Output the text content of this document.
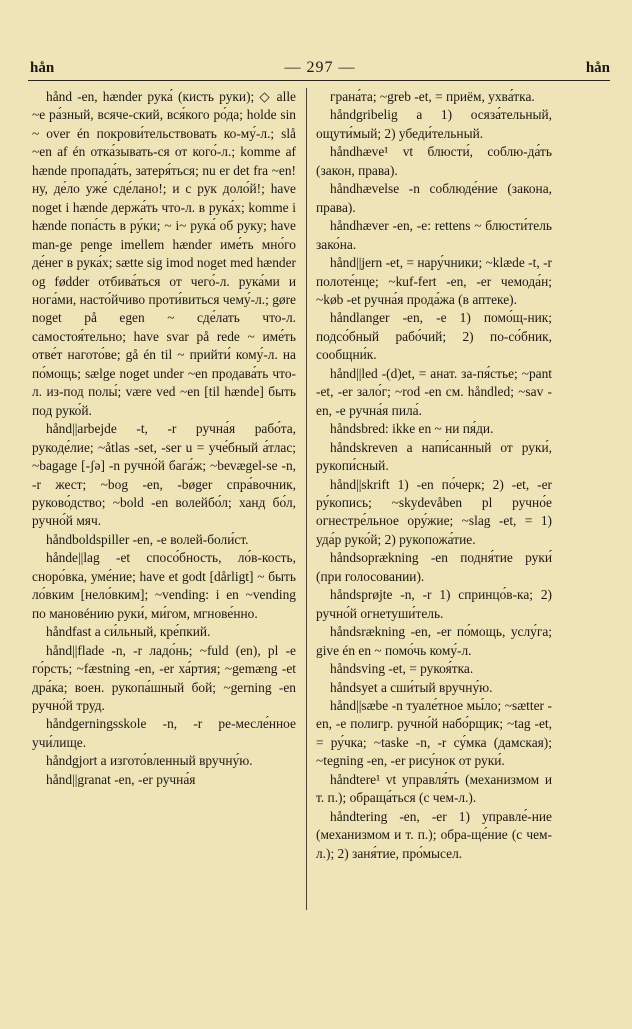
hån	— 297 —	hån

hånd -en, hænder рука́ (кисть руки); ◇ alle ~e ра́зный, всяче-ский, вся́кого ро́да; holde sin ~ over én покрови́тельствовать ко-му́-л.; slå ~en af én отка́зывать-ся от кого́-л.; komme af hænde пропада́ть, затеря́ться; nu er det fra ~en! ну, де́ло уже́ сде́лано!; и с рук доло́й!; have noget i hænde держа́ть что-л. в рука́х; komme i hænde попа́сть в ру́ки; ~ i~ рука́ об руку; have man-ge penge imellem hænder име́ть мно́го де́нег в рука́х; sætte sig imod noget med hænder og fødder отбива́ться от чего́-л. рука́ми и нога́ми, насто́йчиво проти́виться чему́-л.; gøre noget på egen ~ сде́лать что-л. самостоя́тельно; have svar på rede ~ име́ть отве́т нагото́ве; gå én til ~ прийти́ кому́-л. на по́мощь; sælge noget under ~en продава́ть что-л. из-под полы́; være ved ~en [til hænde] быть под руко́й.

hånd||arbejde -t, -r ручна́я рабо́та, рукоде́лие; ~åtlas -set, -ser u = уче́бный а́тлас; ~bagage [-ʃə] -n ручно́й бага́ж; ~bevægel-se -n, -r жест; ~bog -en, -bøger спра́вочник, руково́дство; ~bold -en волейбо́л; ханд бо́л, ручно́й мяч.

håndboldspiller -en, -e волей-боли́ст.

hånde||lag -et спосо́бность, ло́в-кость, снoро́вка, уме́ние; have et godt [dårligt] ~ быть ло́вким [нело́вким]; ~vending: i en ~vending по мановéнию руки́, ми́гом, мгнове́нно.

håndfast a си́льный, кре́пкий.

hånd||flade -n, -r ладо́нь; ~fuld (en), pl -e го́рсть; ~fæstning -en, -er ха́ртия; ~gemæng -et дра́ка; воен. рукопа́шный бой; ~gerning -en ручно́й труд.

håndgerningsskole -n, -r ре-месле́нное учи́лище.

håndgjort a изгото́вленный вручну́ю.

hånd||granat -en, -er ручна́я

грана́та; ~greb -et, = приём, ухва́тка.

håndgribelig a 1) осяза́тельный, ощути́мый; 2) убеди́тельный.

håndhæve¹ vt блюсти́, соблю-да́ть (закон, права).

håndhævelse -n соблюде́ние (закона, права).

håndhæver -en, -e: rettens ~ блюсти́тель зако́на.

hånd||jern -et, = нару́чники; ~klæde -t, -r полоте́нце; ~kuf-fert -en, -er чемода́н; ~køb -et ручна́я прода́жа (в аптеке).

håndlanger -en, -e 1) помо́щ-ник; подсо́бный рабо́чий; 2) по-со́бник, сообщни́к.

hånd||led -(d)et, = анат. за-пя́стье; ~pant -et, -er зало́г; ~rod -en см. håndled; ~sav -en, -e ручна́я пила́.

håndsbred: ikke en ~ ни пя́ди.

håndskreven a напи́санный от руки́, рукопи́сный.

hånd||skrift 1) -en по́черк; 2) -et, -er ру́копись; ~skydevåben pl ручно́е огнестре́льное ору́жие; ~slag -et, = 1) уда́р руко́й; 2) рукопожа́тие.

håndsoprækning -en подня́тие руки́ (при голосовании).

håndsprøjte -n, -r 1) спринцо́в-ка; 2) ручно́й огнетуши́тель.

håndsrækning -en, -er по́мощь, услу́га; give én en ~ помо́чь кому́-л.

håndsving -et, = рукоя́тка.

håndsyet a сши́тый вручну́ю.

hånd||sæbe -n туале́тное мы́ло; ~sætter -en, -e полигр. ручно́й набо́рщик; ~tag -et, = ру́чка; ~taske -n, -r су́мка (дамская); ~tegning -en, -er рису́нок от руки́.

håndtere¹ vt управля́ть (механизмом и т. п.); обраща́ться (с чем-л.).

håndtering -en, -er 1) управле́-ние (механизмом и т. п.); обра-ще́ние (с чем-л.); 2) заня́тие, про́мысел.
